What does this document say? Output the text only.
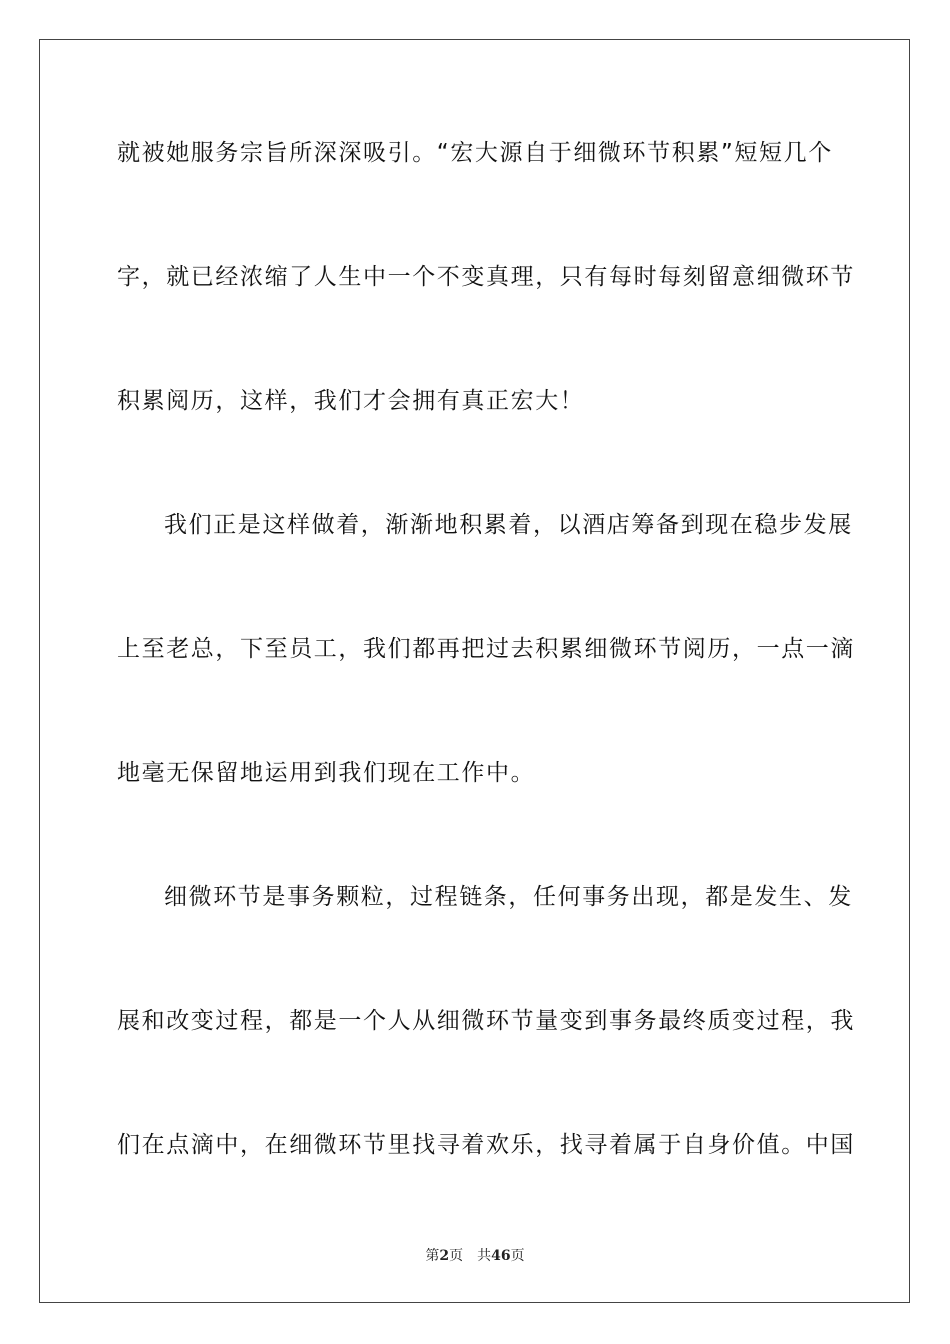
就被她服务宗旨所深深吸引。“宏大源自于细微环节积累”短短几个
字，就已经浓缩了人生中一个不变真理，只有每时每刻留意细微环节
积累阅历，这样，我们才会拥有真正宏大！
我们正是这样做着，渐渐地积累着，以酒店筹备到现在稳步发展
上至老总，下至员工，我们都再把过去积累细微环节阅历，一点一滴
地毫无保留地运用到我们现在工作中。
细微环节是事务颗粒，过程链条，任何事务出现，都是发生、发
展和改变过程，都是一个人从细微环节量变到事务最终质变过程，我
们在点滴中，在细微环节里找寻着欢乐，找寻着属于自身价值。中国
第2页 共46页
